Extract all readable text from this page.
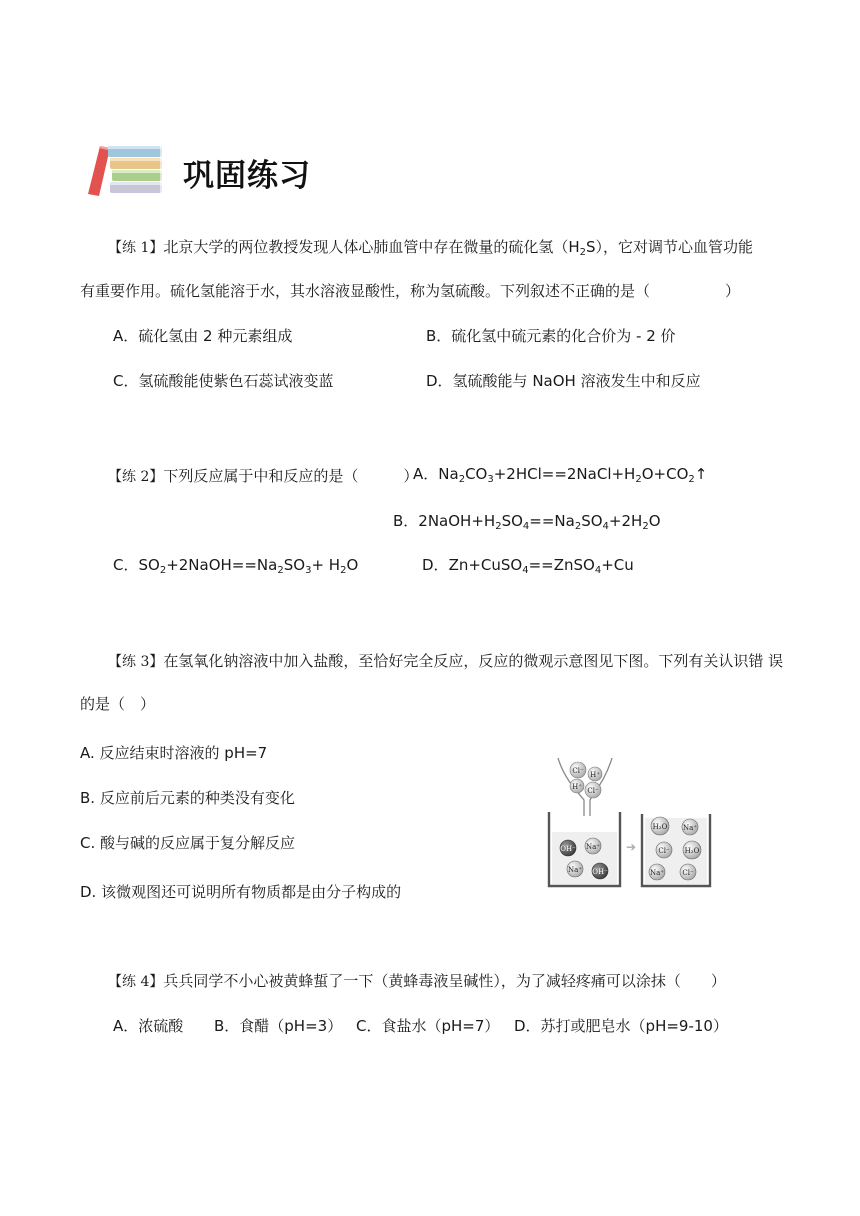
巩固练习
【练 1】北京大学的两位教授发现人体心肺血管中存在微量的硫化氢$(H_2S)$，它对调节心血管功能
有重要作用。硫化氢能溶于水，其水溶液显酸性，称为氢硫酸。下列叙述不正确的是（　　　　　）
A．硫化氢由 2 种元素组成	B．硫化氢中硫元素的化合价为 - 2 价
C．氢硫酸能使紫色石蕊试液变蓝	D．氢硫酸能与 NaOH 溶液发生中和反应
【练 2】下列反应属于中和反应的是（　　　）
A．$Na_2CO_3+2HCl==2NaCl+H_2O+CO_2↑$
B．$2NaOH+H_2SO_4==Na_2SO_4+2H_2O$
C．$SO_2+2NaOH==Na_2SO_3+ H_2O$	D．Zn+CuSO$_4$==ZnSO$_4$+Cu
【练 3】在氢氧化钠溶液中加入盐酸，至恰好完全反应，反应的微观示意图见下图。下列有关认识错 误
的是（　）
A. 反应结束时溶液的 pH=7
B. 反应前后元素的种类没有变化
C. 酸与碱的反应属于复分解反应
D. 该微观图还可说明所有物质都是由分子构成的
Cl⁻ H⁺
H⁺ Cl⁻
OH⁻ Na⁺
Na⁺ OH⁻
➔
H₂O Na⁺
Cl⁻ H₂O
Na⁺	Cl⁻
【练 4】兵兵同学不小心被黄蜂蜇了一下（黄蜂毒液呈碱性），为了减轻疼痛可以涂抹（　　）
A．浓硫酸 B．食醋（pH=3） C．食盐水（pH=7） D．苏打或肥皂水（pH=9-10）
